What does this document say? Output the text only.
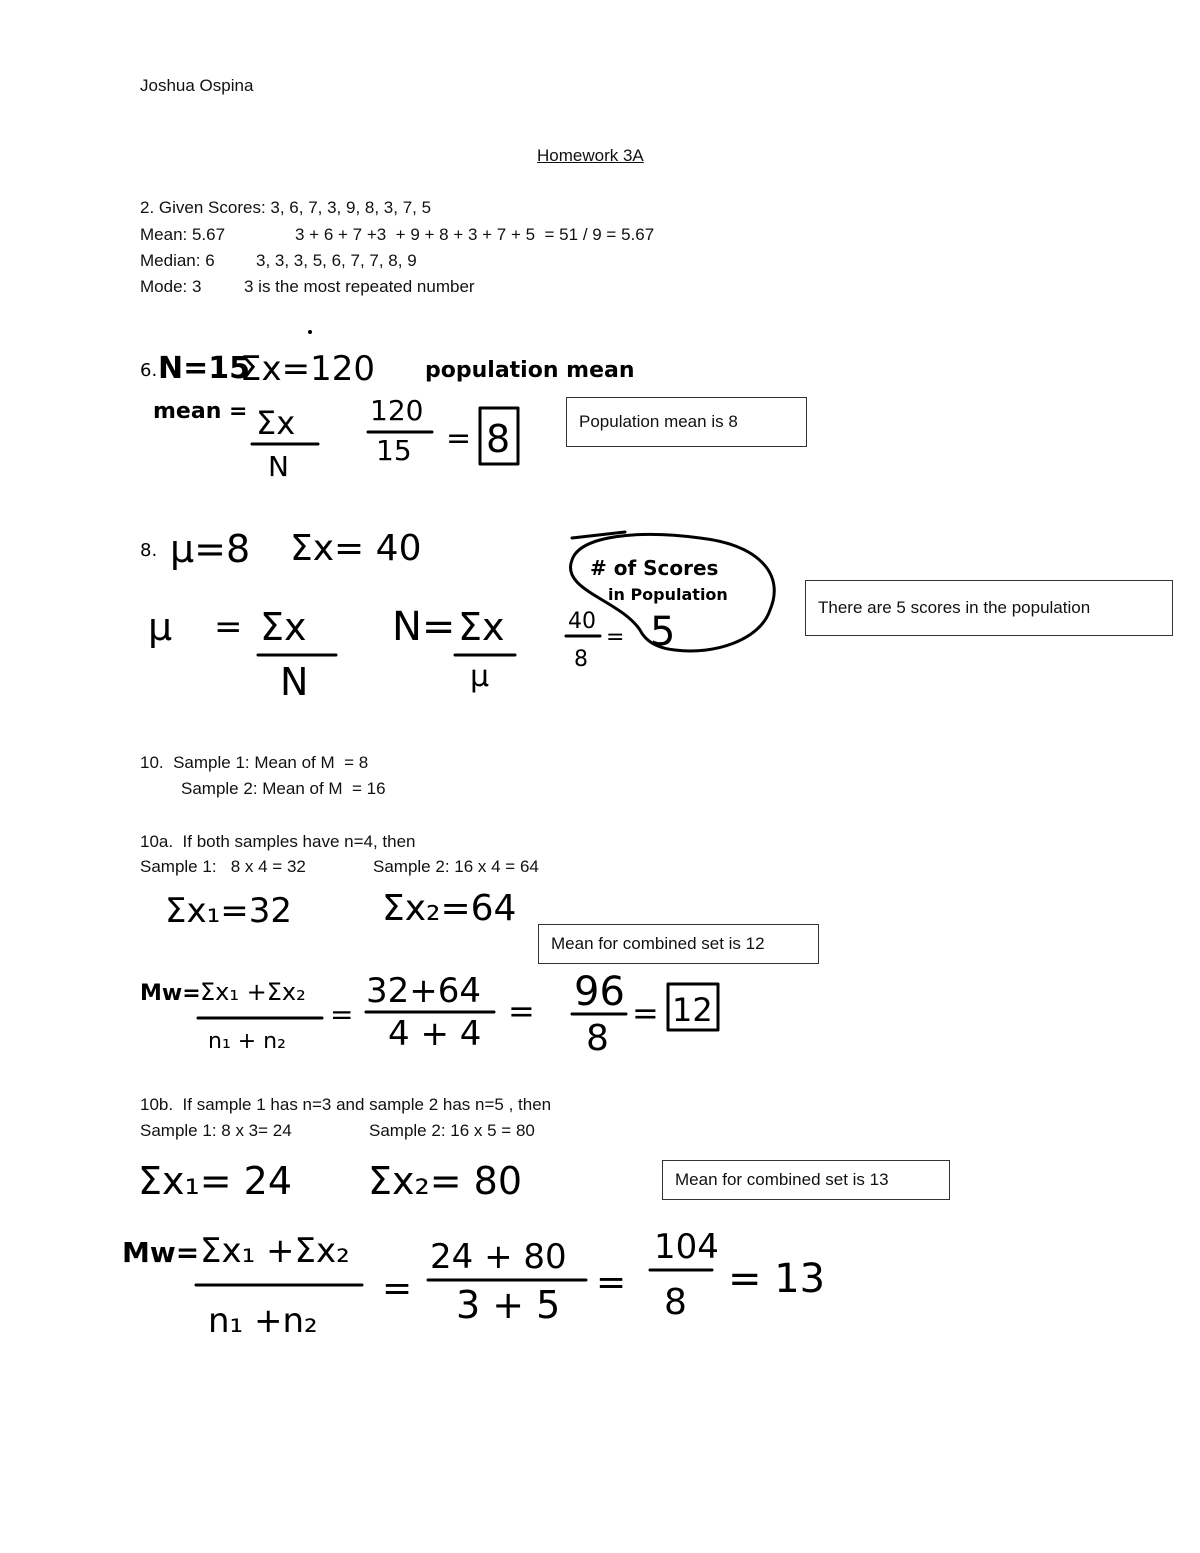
Joshua Ospina
Homework 3A
2. Given Scores: 3, 6, 7, 3, 9, 8, 3, 7, 5
Mean: 5.67	3 + 6 + 7 +3  + 9 + 8 + 3 + 7 + 5  = 51 / 9 = 5.67
Median: 6 3, 3, 3, 5, 6, 7, 7, 8, 9
Mode: 3	3 is the most repeated number
10.  Sample 1: Mean of M  = 8
Sample 2: Mean of M  = 16
10a.  If both samples have n=4, then
Sample 1:   8 x 4 = 32	Sample 2: 16 x 4 = 64
10b.  If sample 1 has n=3 and sample 2 has n=5 , then
Sample 1: 8 x 3= 24	Sample 2: 16 x 5 = 80
Population mean is 8
There are 5 scores in the population
Mean for combined set is 12
Mean for combined set is 13
6. N=15
Σx=120 population mean
mean = Σx
N
120
15 = 8
8. μ=8 Σx= 40
μ = Σx
N
N= Σx
μ
40
8
=
# of Scores
in Population
5
Σx₁=32	Σx₂=64
Mw= Σx₁ +Σx₂
n₁ + n₂
=
32+64
4 + 4
= 96
8
= 12
Σx₁= 24 Σx₂= 80
Mw= Σx₁ +Σx₂
n₁ +n₂
=
24 + 80
3 + 5
=
104
8
= 13
